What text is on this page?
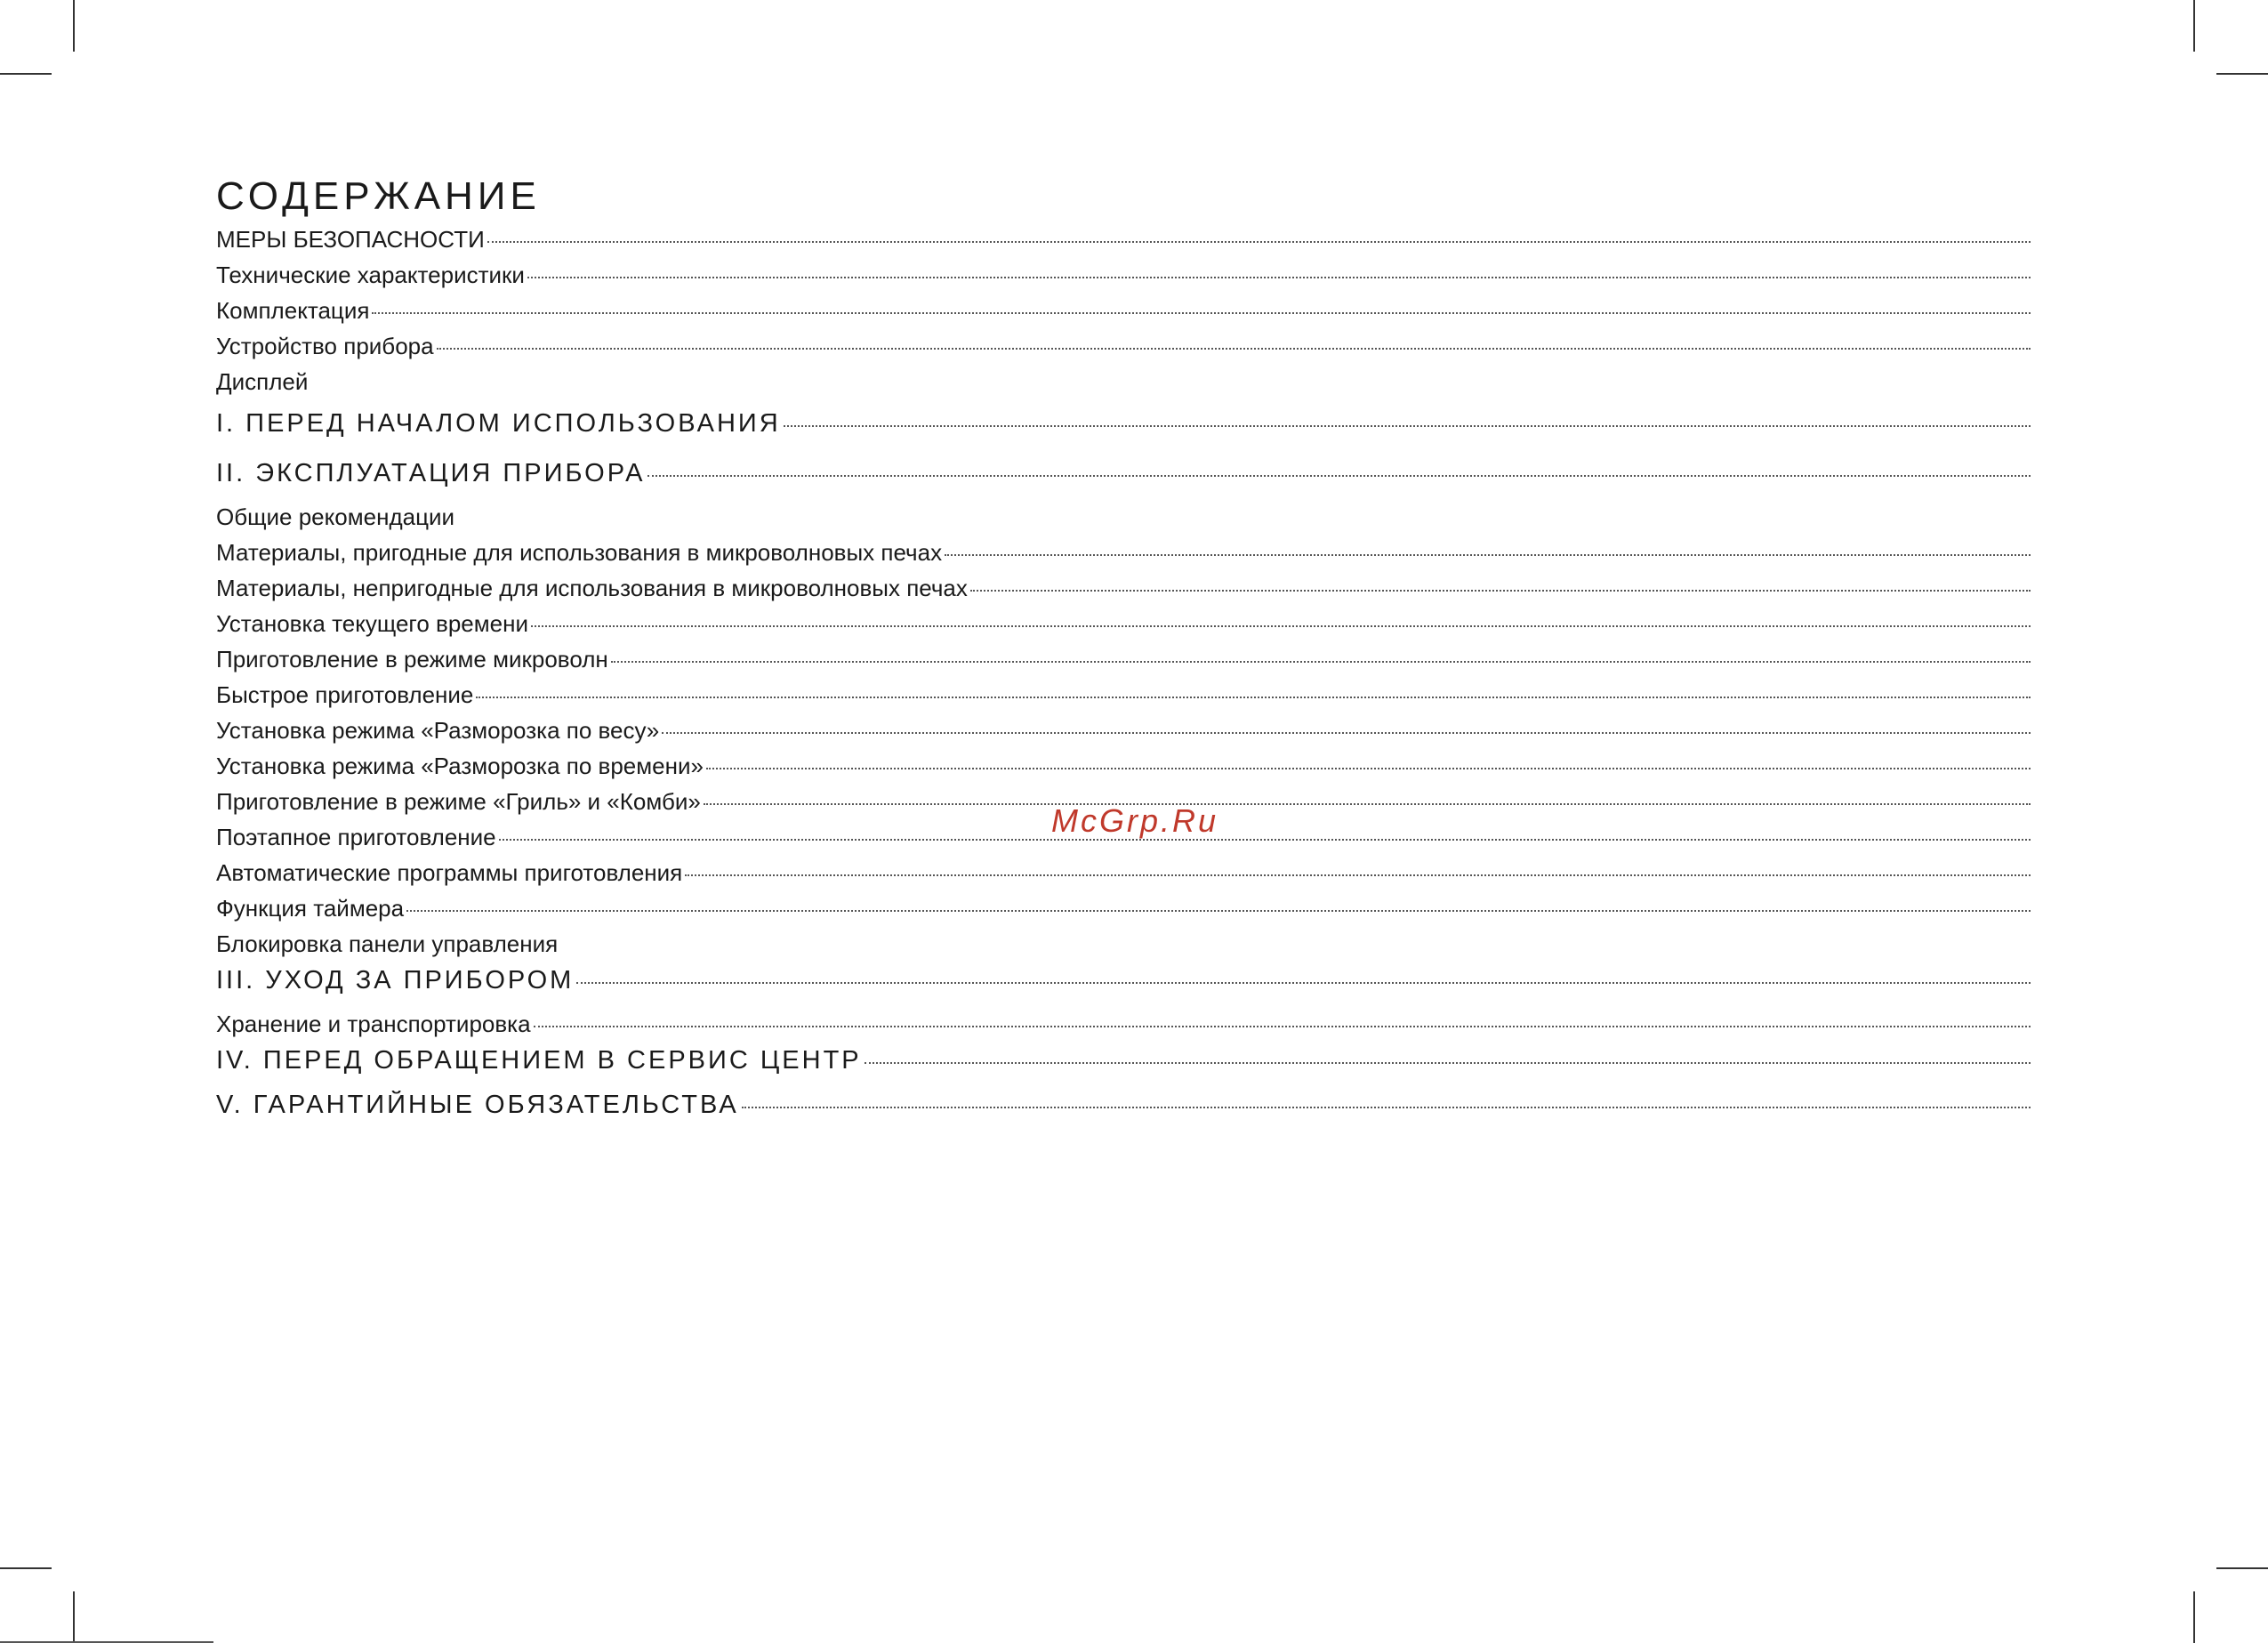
СОДЕРЖАНИЕ
МЕРЫ БЕЗОПАСНОСТИ
Технические характеристики
Комплектация
Устройство прибора
Дисплей
I. ПЕРЕД НАЧАЛОМ ИСПОЛЬЗОВАНИЯ
II. ЭКСПЛУАТАЦИЯ ПРИБОРА
Общие рекомендации
Материалы, пригодные для использования в микроволновых печах
Материалы, непригодные для использования в микроволновых печах
Установка текущего времени
Приготовление в режиме микроволн
Быстрое приготовление
Установка режима «Разморозка по весу»
Установка режима «Разморозка по времени»
Приготовление в режиме «Гриль» и «Комби»
Поэтапное приготовление
Автоматические программы приготовления
Функция таймера
Блокировка панели управления
III. УХОД ЗА ПРИБОРОМ
Хранение и транспортировка
IV. ПЕРЕД ОБРАЩЕНИЕМ В СЕРВИС ЦЕНТР
V. ГАРАНТИЙНЫЕ ОБЯЗАТЕЛЬСТВА
McGrp.Ru
